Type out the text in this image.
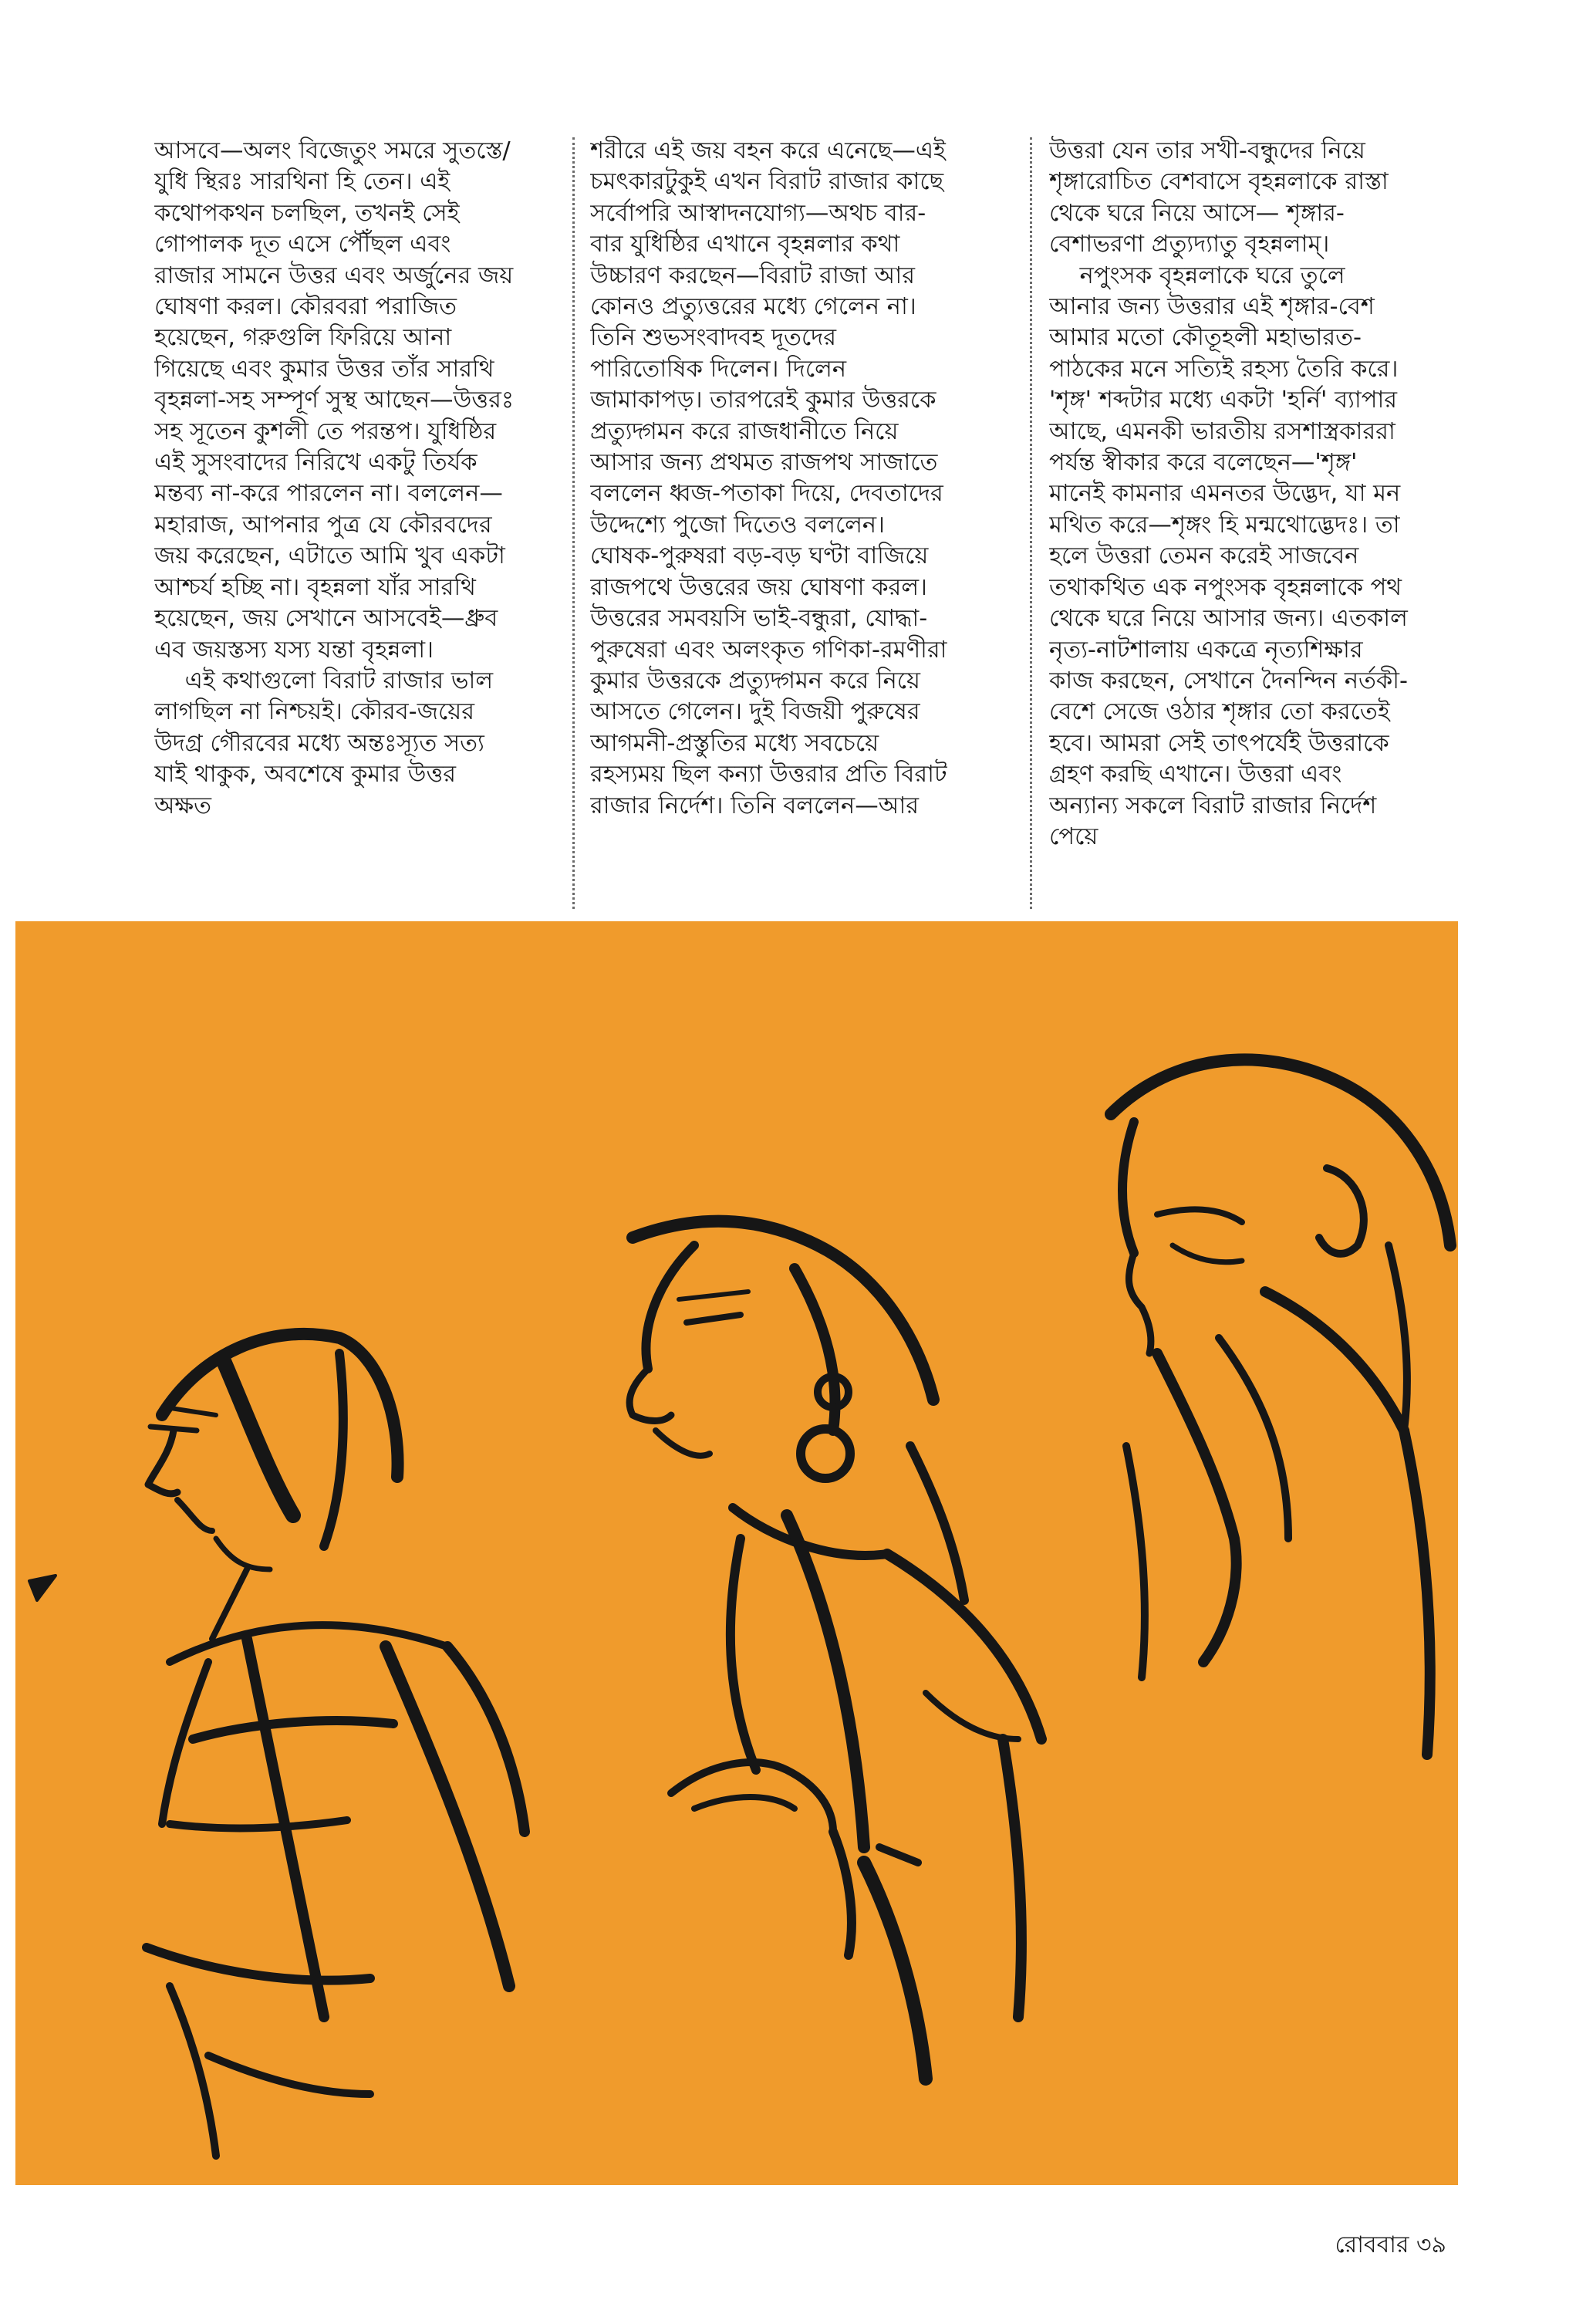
আসবে—অলং বিজেতুং সমরে সুতস্তে/যুধি স্থিরঃ সারথিনা হি তেন। এই কথোপকথন চলছিল, তখনই সেই গোপালক দূত এসে পৌঁছল এবং রাজার সামনে উত্তর এবং অর্জুনের জয় ঘোষণা করল। কৌরবরা পরাজিত হয়েছেন, গরুগুলি ফিরিয়ে আনা গিয়েছে এবং কুমার উত্তর তাঁর সারথি বৃহন্নলা-সহ সম্পূর্ণ সুস্থ আছেন—উত্তরঃ সহ সূতেন কুশলী তে পরন্তপ। যুধিষ্ঠির এই সুসংবাদের নিরিখে একটু তির্যক মন্তব্য না-করে পারলেন না। বললেন—মহারাজ, আপনার পুত্র যে কৌরবদের জয় করেছেন, এটাতে আমি খুব একটা আশ্চর্য হচ্ছি না। বৃহন্নলা যাঁর সারথি হয়েছেন, জয় সেখানে আসবেই—ধ্রুব এব জয়স্তস্য যস্য যন্তা বৃহন্নলা।

এই কথাগুলো বিরাট রাজার ভাল লাগছিল না নিশ্চয়ই। কৌরব-জয়ের উদগ্র গৌরবের মধ্যে অন্তঃস্যূত সত্য যাই থাকুক, অবশেষে কুমার উত্তর অক্ষত

শরীরে এই জয় বহন করে এনেছে—এই চমৎকারটুকুই এখন বিরাট রাজার কাছে সর্বোপরি আস্বাদনযোগ্য—অথচ বার-বার যুধিষ্ঠির এখানে বৃহন্নলার কথা উচ্চারণ করছেন—বিরাট রাজা আর কোনও প্রত্যুত্তরের মধ্যে গেলেন না। তিনি শুভসংবাদবহ দূতদের পারিতোষিক দিলেন। দিলেন জামাকাপড়। তারপরেই কুমার উত্তরকে প্রত্যুদ্গমন করে রাজধানীতে নিয়ে আসার জন্য প্রথমত রাজপথ সাজাতে বললেন ধ্বজ-পতাকা দিয়ে, দেবতাদের উদ্দেশ্যে পুজো দিতেও বললেন। ঘোষক-পুরুষরা বড়-বড় ঘণ্টা বাজিয়ে রাজপথে উত্তরের জয় ঘোষণা করল। উত্তরের সমবয়সি ভাই-বন্ধুরা, যোদ্ধা-পুরুষেরা এবং অলংকৃত গণিকা-রমণীরা কুমার উত্তরকে প্রত্যুদ্গমন করে নিয়ে আসতে গেলেন। দুই বিজয়ী পুরুষের আগমনী-প্রস্তুতির মধ্যে সবচেয়ে রহস্যময় ছিল কন্যা উত্তরার প্রতি বিরাট রাজার নির্দেশ। তিনি বললেন—আর

উত্তরা যেন তার সখী-বন্ধুদের নিয়ে শৃঙ্গারোচিত বেশবাসে বৃহন্নলাকে রাস্তা থেকে ঘরে নিয়ে আসে— শৃঙ্গার-বেশাভরণা প্রত্যুদ্যাতু বৃহন্নলাম্।

নপুংসক বৃহন্নলাকে ঘরে তুলে আনার জন্য উত্তরার এই শৃঙ্গার-বেশ আমার মতো কৌতূহলী মহাভারত-পাঠকের মনে সত্যিই রহস্য তৈরি করে। 'শৃঙ্গ' শব্দটার মধ্যে একটা 'হর্নি' ব্যাপার আছে, এমনকী ভারতীয় রসশাস্ত্রকাররা পর্যন্ত স্বীকার করে বলেছেন—'শৃঙ্গ' মানেই কামনার এমনতর উদ্ভেদ, যা মন মথিত করে—শৃঙ্গং হি মন্মথোদ্ভেদঃ। তা হলে উত্তরা তেমন করেই সাজবেন তথাকথিত এক নপুংসক বৃহন্নলাকে পথ থেকে ঘরে নিয়ে আসার জন্য। এতকাল নৃত্য-নাটশালায় একত্রে নৃত্যশিক্ষার কাজ করছেন, সেখানে দৈনন্দিন নর্তকী-বেশে সেজে ওঠার শৃঙ্গার তো করতেই হবে। আমরা সেই তাৎপর্যেই উত্তরাকে গ্রহণ করছি এখানে। উত্তরা এবং অন্যান্য সকলে বিরাট রাজার নির্দেশ পেয়ে

রোববার ৩৯
